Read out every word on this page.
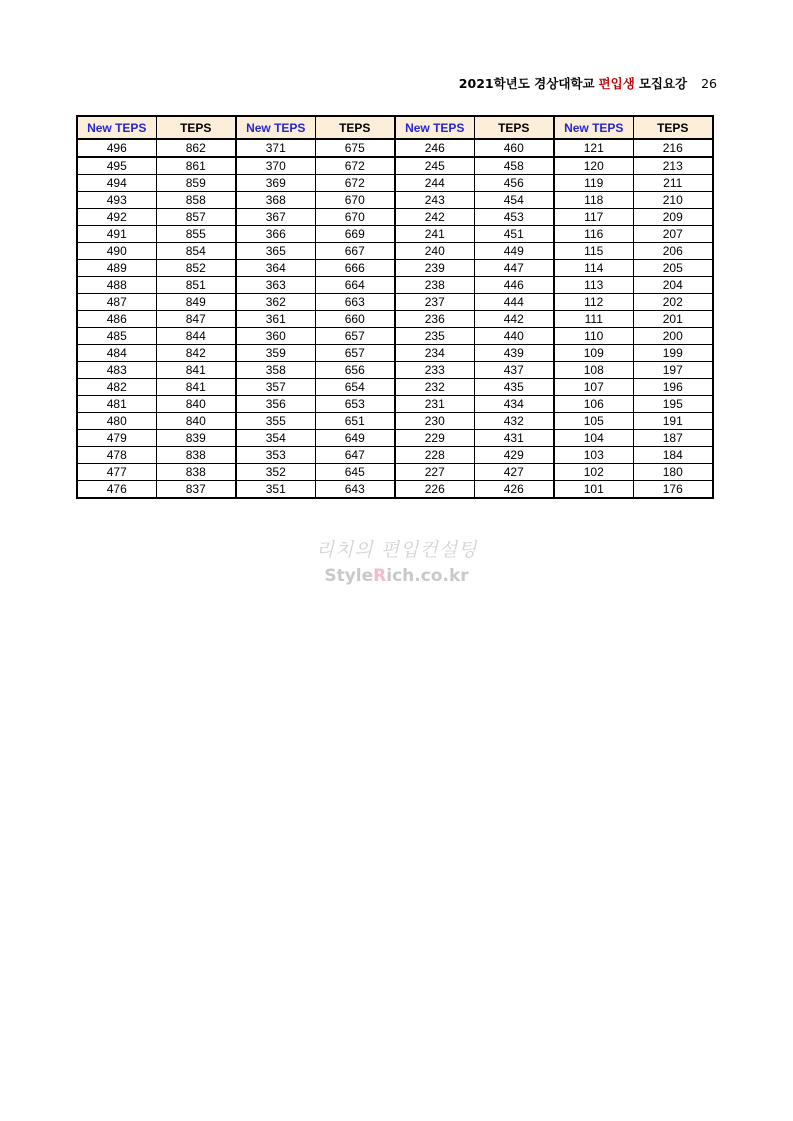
2021학년도 경상대학교 편입생 모집요강 26
New TEPS	TEPS	New TEPS	TEPS	New TEPS	TEPS	New TEPS	TEPS
496	862	371	675	246	460	121	216
495	861	370	672	245	458	120	213
494	859	369	672	244	456	119	211
493	858	368	670	243	454	118	210
492	857	367	670	242	453	117	209
491	855	366	669	241	451	116	207
490	854	365	667	240	449	115	206
489	852	364	666	239	447	114	205
488	851	363	664	238	446	113	204
487	849	362	663	237	444	112	202
486	847	361	660	236	442	111	201
485	844	360	657	235	440	110	200
484	842	359	657	234	439	109	199
483	841	358	656	233	437	108	197
482	841	357	654	232	435	107	196
481	840	356	653	231	434	106	195
480	840	355	651	230	432	105	191
479	839	354	649	229	431	104	187
478	838	353	647	228	429	103	184
477	838	352	645	227	427	102	180
476	837	351	643	226	426	101	176
리치의 편입컨설팅
StyleRich.co.kr
